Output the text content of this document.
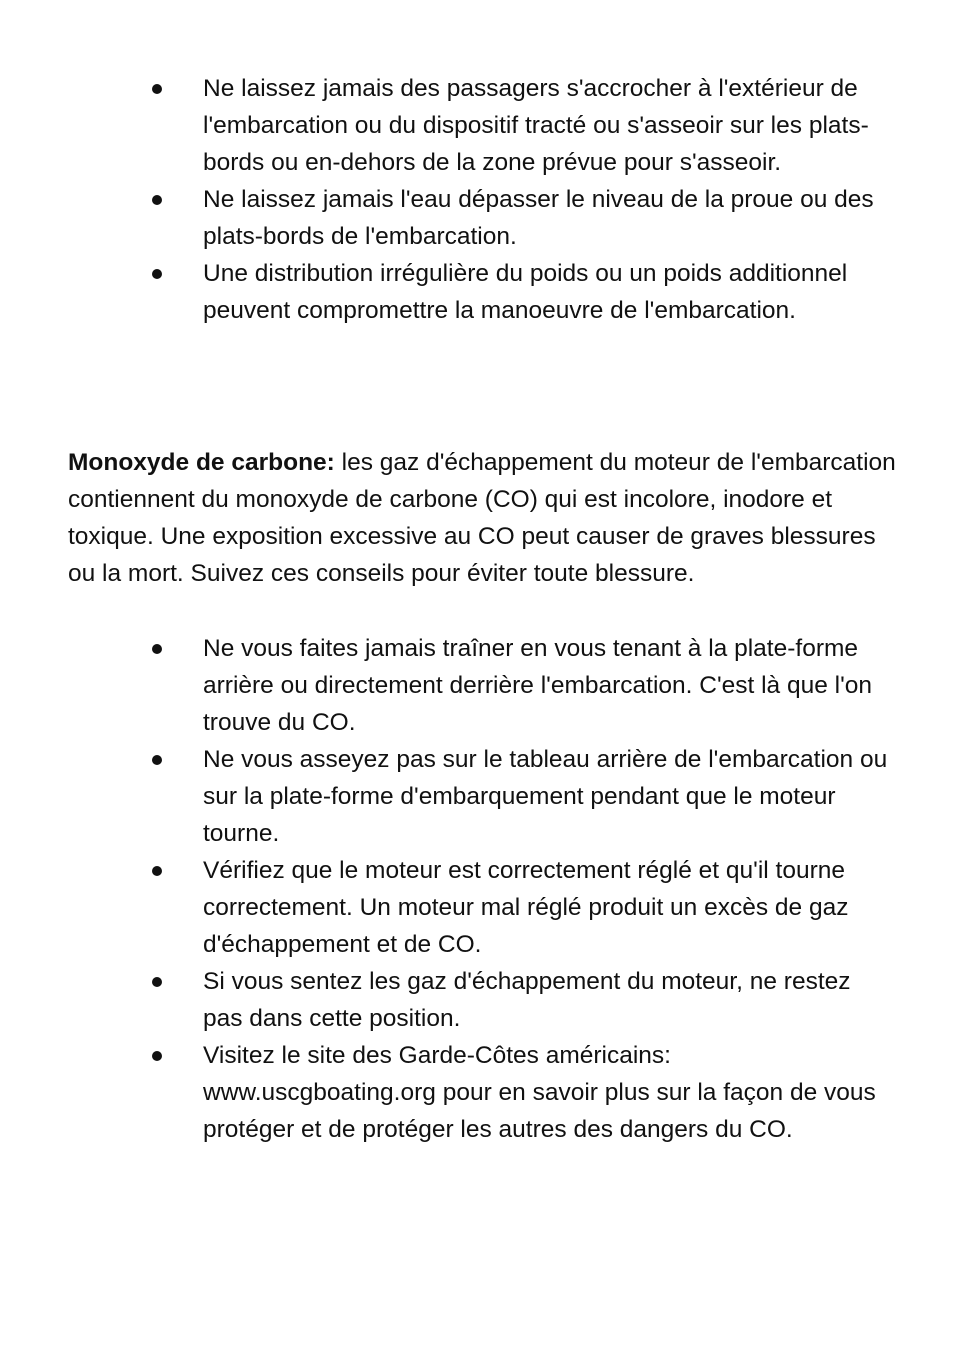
Ne laissez jamais des passagers s'accrocher à l'extérieur de l'embarcation ou du dispositif tracté ou s'asseoir sur les plats-bords ou en-dehors de la zone prévue pour s'asseoir.
Ne laissez jamais l'eau dépasser le niveau de la proue ou des plats-bords de l'embarcation.
Une distribution irrégulière du poids ou un poids additionnel peuvent compromettre la manoeuvre de l'embarcation.

Monoxyde de carbone: les gaz d'échappement du moteur de l'embarcation contiennent du monoxyde de carbone (CO) qui est incolore, inodore et toxique. Une exposition excessive au CO peut causer de graves blessures ou la mort. Suivez ces conseils pour éviter toute blessure.

Ne vous faites jamais traîner en vous tenant à la plate-forme arrière ou directement derrière l'embarcation. C'est là que l'on trouve du CO.
Ne vous asseyez pas sur le tableau arrière de l'embarcation ou sur la plate-forme d'embarquement pendant que le moteur tourne.
Vérifiez que le moteur est correctement réglé et qu'il tourne correctement. Un moteur mal réglé produit un excès de gaz d'échappement et de CO.
Si vous sentez les gaz d'échappement du moteur, ne restez pas dans cette position.
Visitez le site des Garde-Côtes américains: www.uscgboating.org pour en savoir plus sur la façon de vous protéger et de protéger les autres des dangers du CO.
